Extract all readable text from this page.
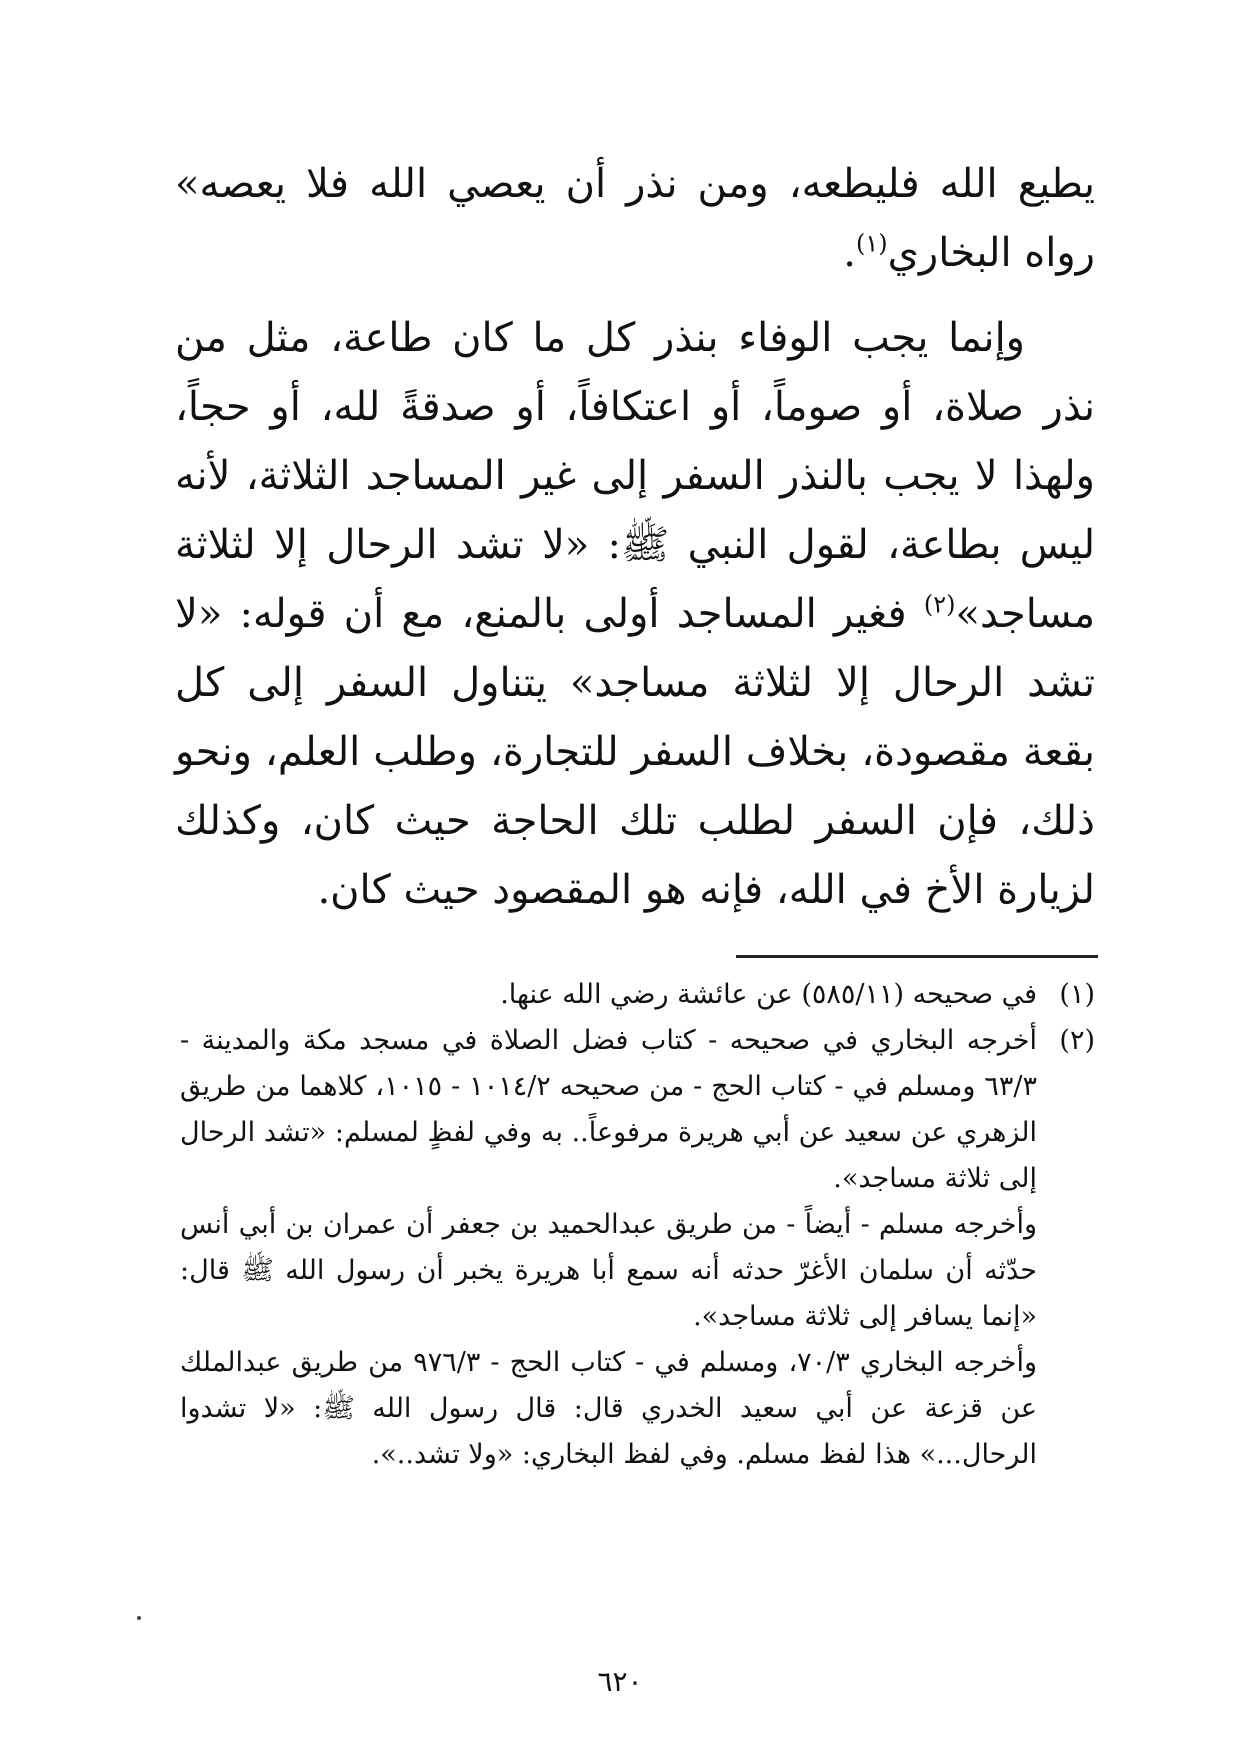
يطيع الله فليطعه، ومن نذر أن يعصي الله فلا يعصه» رواه البخاري$^{(١)}$.

وإنما يجب الوفاء بنذر كل ما كان طاعة، مثل من نذر صلاة، أو صوماً، أو اعتكافاً، أو صدقةً لله، أو حجاً، ولهذا لا يجب بالنذر السفر إلى غير المساجد الثلاثة، لأنه ليس بطاعة، لقول النبي ﷺ: «لا تشد الرحال إلا لثلاثة مساجد»$^{(٢)}$ فغير المساجد أولى بالمنع، مع أن قوله: «لا تشد الرحال إلا لثلاثة مساجد» يتناول السفر إلى كل بقعة مقصودة، بخلاف السفر للتجارة، وطلب العلم، ونحو ذلك، فإن السفر لطلب تلك الحاجة حيث كان، وكذلك لزيارة الأخ في الله، فإنه هو المقصود حيث كان.

(١)

في صحيحه (٥٨٥/١١) عن عائشة رضي الله عنها.

(٢)

أخرجه البخاري في صحيحه - كتاب فضل الصلاة في مسجد مكة والمدينة - ٦٣/٣ ومسلم في - كتاب الحج - من صحيحه ١٠١٤/٢ - ١٠١٥، كلاهما من طريق الزهري عن سعيد عن أبي هريرة مرفوعاً.. به وفي لفظٍ لمسلم: «تشد الرحال إلى ثلاثة مساجد».

وأخرجه مسلم - أيضاً - من طريق عبدالحميد بن جعفر أن عمران بن أبي أنس حدّثه أن سلمان الأغرّ حدثه أنه سمع أبا هريرة يخبر أن رسول الله ﷺ قال: «إنما يسافر إلى ثلاثة مساجد».

وأخرجه البخاري ٧٠/٣، ومسلم في - كتاب الحج - ٩٧٦/٣ من طريق عبدالملك عن قزعة عن أبي سعيد الخدري قال: قال رسول الله ﷺ: «لا تشدوا الرحال...» هذا لفظ مسلم. وفي لفظ البخاري: «ولا تشد..».

٦٢٠
